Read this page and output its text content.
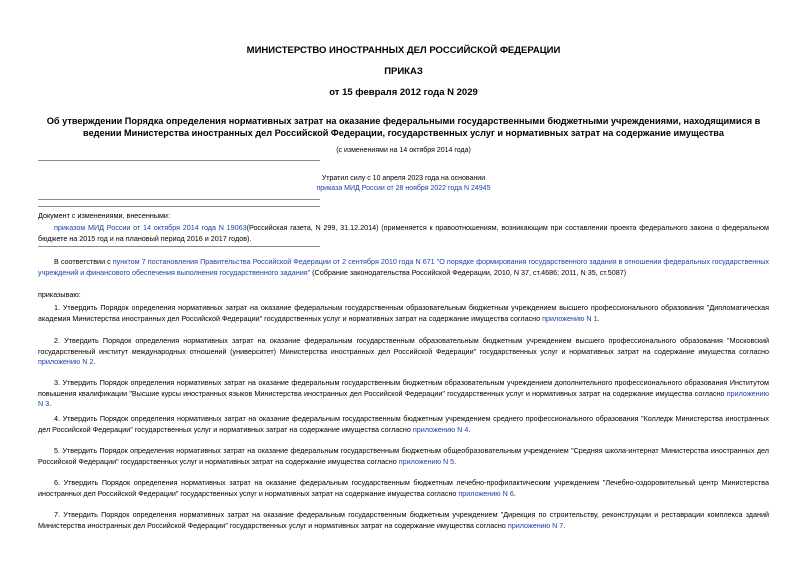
МИНИСТЕРСТВО ИНОСТРАННЫХ ДЕЛ РОССИЙСКОЙ ФЕДЕРАЦИИ
ПРИКАЗ
от 15 февраля 2012 года N 2029
Об утверждении Порядка определения нормативных затрат на оказание федеральными государственными бюджетными учреждениями, находящимися в ведении Министерства иностранных дел Российской Федерации, государственных услуг и нормативных затрат на содержание имущества
(с изменениями на 14 октября 2014 года)
Утратил силу с 10 апреля 2023 года на основании
приказа МИД России от 28 ноября 2022 года N 24945
Документ с изменениями, внесенными:
приказом МИД России от 14 октября 2014 года N 19063(Российская газета, N 299, 31.12.2014) (применяется к правоотношениям, возникающим при составлении проекта федерального закона о федеральном бюджете на 2015 год и на плановый период 2016 и 2017 годов).
В соответствии с пунктом 7 постановления Правительства Российской Федерации от 2 сентября 2010 года N 671 "О порядке формирования государственного задания в отношении федеральных государственных учреждений и финансового обеспечения выполнения государственного задания" (Собрание законодательства Российской Федерации, 2010, N 37, ст.4686; 2011, N 35, ст.5087)
приказываю:
1. Утвердить Порядок определения нормативных затрат на оказание федеральным государственным образовательным бюджетным учреждением высшего профессионального образования "Дипломатическая академия Министерства иностранных дел Российской Федерации" государственных услуг и нормативных затрат на содержание имущества согласно приложению N 1.
2. Утвердить Порядок определения нормативных затрат на оказание федеральным государственным образовательным бюджетным учреждением высшего профессионального образования "Московский государственный институт международных отношений (университет) Министерства иностранных дел Российской Федерации" государственных услуг и нормативных затрат на содержание имущества согласно приложению N 2.
3. Утвердить Порядок определения нормативных затрат на оказание федеральным государственным бюджетным образовательным учреждением дополнительного профессионального образования Институтом повышения квалификации "Высшие курсы иностранных языков Министерства иностранных дел Российской Федерации" государственных услуг и нормативных затрат на содержание имущества согласно приложению N 3.
4. Утвердить Порядок определения нормативных затрат на оказание федеральным государственным бюджетным учреждением среднего профессионального образования "Колледж Министерства иностранных дел Российской Федерации" государственных услуг и нормативных затрат на содержание имущества согласно приложению N 4.
5. Утвердить Порядок определения нормативных затрат на оказание федеральным государственным бюджетным общеобразовательным учреждением "Средняя школа-интернат Министерства иностранных дел Российской Федерации" государственных услуг и нормативных затрат на содержание имущества согласно приложению N 5.
6. Утвердить Порядок определения нормативных затрат на оказание федеральным государственным бюджетным лечебно-профилактическим учреждением "Лечебно-оздоровительный центр Министерства иностранных дел Российской Федерации" государственных услуг и нормативных затрат на содержание имущества согласно приложению N 6.
7. Утвердить Порядок определения нормативных затрат на оказание федеральным государственным бюджетным учреждением "Дирекция по строительству, реконструкции и реставрации комплекса зданий Министерства иностранных дел Российской Федерации" государственных услуг и нормативных затрат на содержание имущества согласно приложению N 7.
